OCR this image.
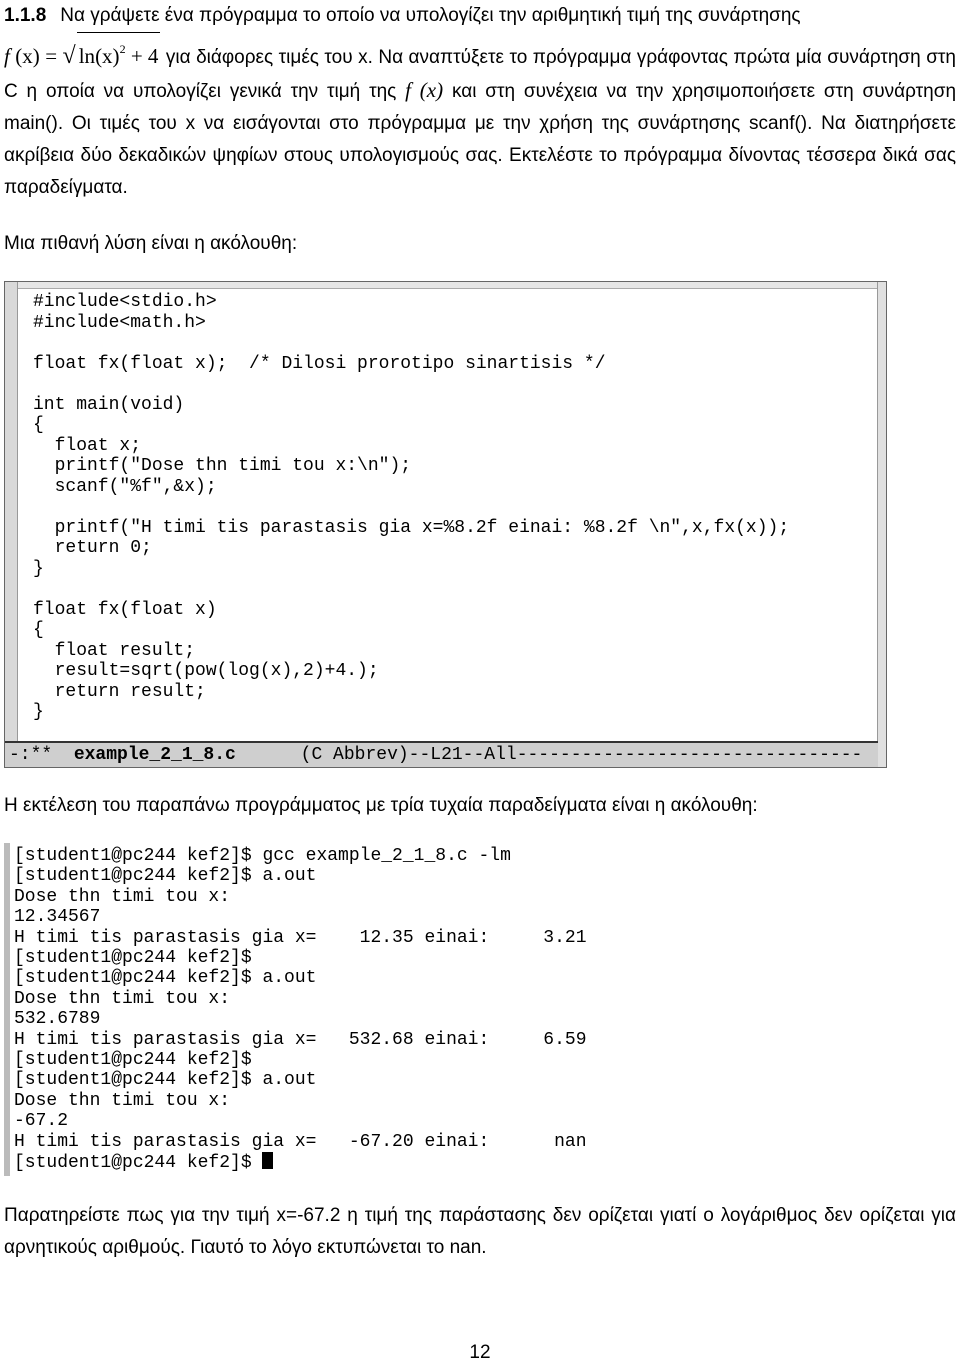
1.1.8 Να γράψετε ένα πρόγραμμα το οποίο να υπολογίζει την αριθμητική τιμή της συνάρτησης
f (x) = √ $\ln(x)^2 + 4$ για διάφορες τιμές του x. Να αναπτύξετε το πρόγραμμα γράφοντας πρώτα μία συνάρτηση στη C η οποία να υπολογίζει γενικά την τιμή της f (x) και στη συνέχεια να την χρησιμοποιήσετε στη συνάρτηση main(). Οι τιμές του x να εισάγονται στο πρόγραμμα με την χρήση της συνάρτησης scanf(). Να διατηρήσετε ακρίβεια δύο δεκαδικών ψηφίων στους υπολογισμούς σας. Εκτελέστε το πρόγραμμα δίνοντας τέσσερα δικά σας παραδείγματα.
Μια πιθανή λύση είναι η ακόλουθη:
#include<stdio.h>
#include<math.h>

float fx(float x);  /* Dilosi prorotipo sinartisis */

int main(void)
{
float x;
printf("Dose thn timi tou x:\n");
scanf("%f",&x);

printf("H timi tis parastasis gia x=%8.2f einai: %8.2f \n",x,fx(x));
return 0;
}

float fx(float x)
{
float result;
result=sqrt(pow(log(x),2)+4.);
return result;
}

-:**  example_2_1_8.c      (C Abbrev)--L21--All--------------------------------
Η εκτέλεση του παραπάνω προγράμματος με τρία τυχαία παραδείγματα είναι η ακόλουθη:
[student1@pc244 kef2]$ gcc example_2_1_8.c -lm
[student1@pc244 kef2]$ a.out
Dose thn timi tou x:
12.34567
H timi tis parastasis gia x=    12.35 einai:     3.21
[student1@pc244 kef2]$
[student1@pc244 kef2]$ a.out
Dose thn timi tou x:
532.6789
H timi tis parastasis gia x=   532.68 einai:     6.59
[student1@pc244 kef2]$
[student1@pc244 kef2]$ a.out
Dose thn timi tou x:
-67.2
H timi tis parastasis gia x=   -67.20 einai:      nan
[student1@pc244 kef2]$
Παρατηρείστε πως για την τιμή x=-67.2 η τιμή της παράστασης δεν ορίζεται γιατί ο λογάριθμος δεν ορίζεται για αρνητικούς αριθμούς. Γιαυτό το λόγο εκτυπώνεται το nan.
12
